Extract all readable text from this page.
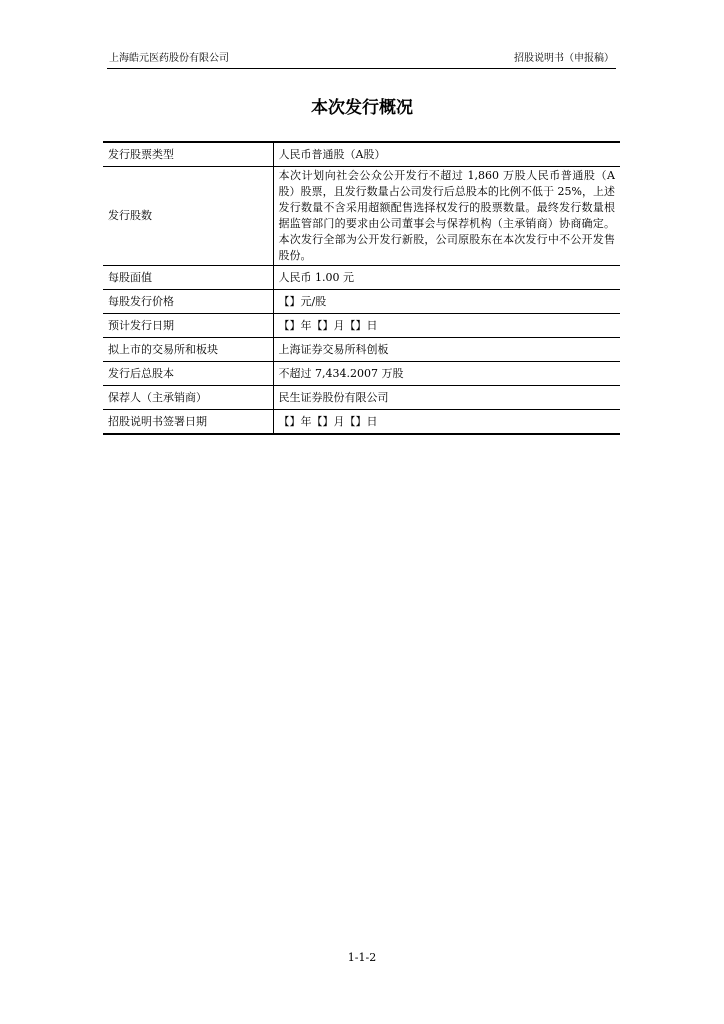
上海皓元医药股份有限公司	招股说明书（申报稿）
本次发行概况
发行股票类型	人民币普通股（A股）
发行股数	本次计划向社会公众公开发行不超过 1,860 万股人民币普通股（A 股）股票，且发行数量占公司发行后总股本的比例不低于 25%，上述发行数量不含采用超额配售选择权发行的股票数量。最终发行数量根据监管部门的要求由公司董事会与保荐机构（主承销商）协商确定。本次发行全部为公开发行新股，公司原股东在本次发行中不公开发售股份。
每股面值	人民币 1.00 元
每股发行价格	【】元/股
预计发行日期	【】年【】月【】日
拟上市的交易所和板块	上海证券交易所科创板
发行后总股本	不超过 7,434.2007 万股
保荐人（主承销商）	民生证券股份有限公司
招股说明书签署日期	【】年【】月【】日
1-1-2
